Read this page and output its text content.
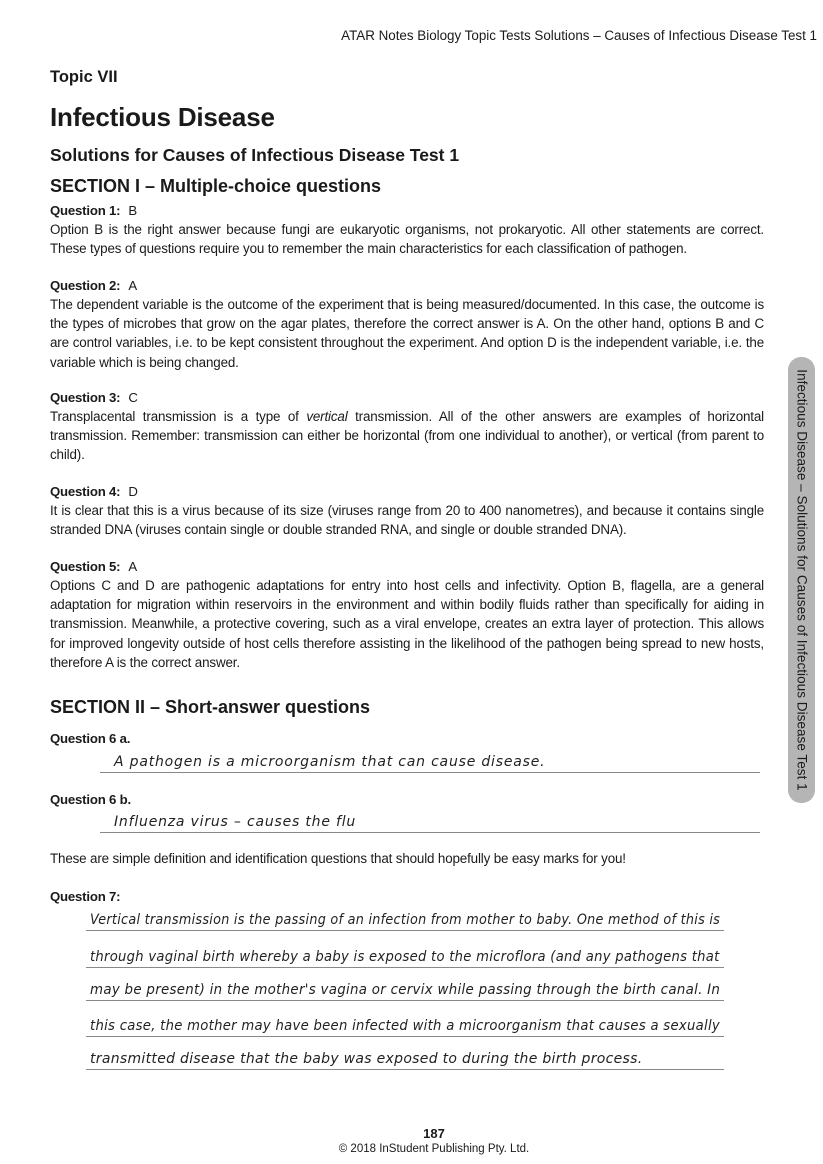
ATAR Notes Biology Topic Tests Solutions – Causes of Infectious Disease Test 1
Topic VII
Infectious Disease
Solutions for Causes of Infectious Disease Test 1
SECTION I – Multiple-choice questions
Question 1: B
Option B is the right answer because fungi are eukaryotic organisms, not prokaryotic. All other statements are correct. These types of questions require you to remember the main characteristics for each classification of pathogen.
Question 2: A
The dependent variable is the outcome of the experiment that is being measured/documented. In this case, the outcome is the types of microbes that grow on the agar plates, therefore the correct answer is A. On the other hand, options B and C are control variables, i.e. to be kept consistent throughout the experiment. And option D is the independent variable, i.e. the variable which is being changed.
Question 3: C
Transplacental transmission is a type of vertical transmission. All of the other answers are examples of horizontal transmission. Remember: transmission can either be horizontal (from one individual to another), or vertical (from parent to child).
Question 4: D
It is clear that this is a virus because of its size (viruses range from 20 to 400 nanometres), and because it contains single stranded DNA (viruses contain single or double stranded RNA, and single or double stranded DNA).
Question 5: A
Options C and D are pathogenic adaptations for entry into host cells and infectivity. Option B, flagella, are a general adaptation for migration within reservoirs in the environment and within bodily fluids rather than specifically for aiding in transmission. Meanwhile, a protective covering, such as a viral envelope, creates an extra layer of protection. This allows for improved longevity outside of host cells therefore assisting in the likelihood of the pathogen being spread to new hosts, therefore A is the correct answer.
SECTION II – Short-answer questions
Question 6 a.
A pathogen is a microorganism that can cause disease.
Question 6 b.
Influenza virus – causes the flu
These are simple definition and identification questions that should hopefully be easy marks for you!
Question 7:
Vertical transmission is the passing of an infection from mother to baby. One method of this is
through vaginal birth whereby a baby is exposed to the microflora (and any pathogens that
may be present) in the mother's vagina or cervix while passing through the birth canal. In
this case, the mother may have been infected with a microorganism that causes a sexually
transmitted disease that the baby was exposed to during the birth process.
Infectious Disease – Solutions for Causes of Infectious Disease Test 1
187
© 2018 InStudent Publishing Pty. Ltd.
